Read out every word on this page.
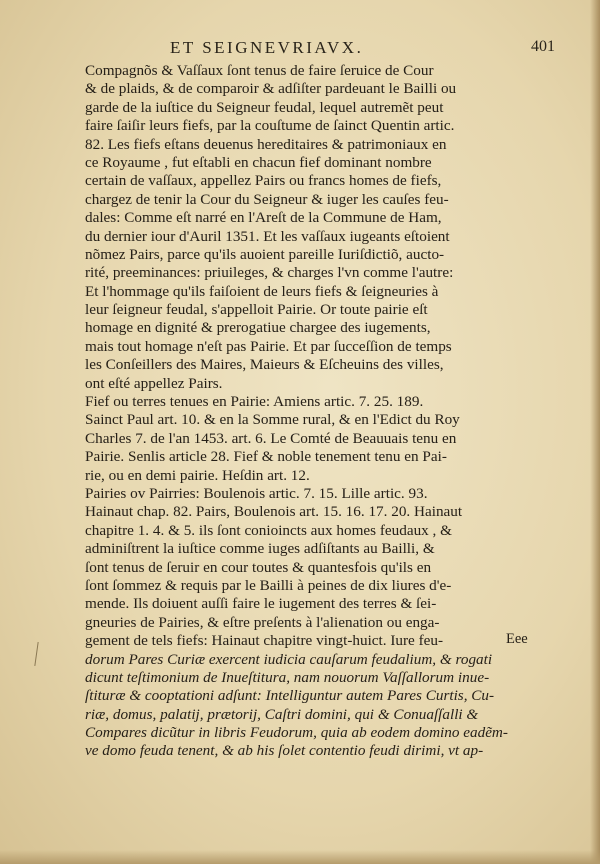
ET SEIGNEVRIAVX.	401
Compagnõs & Vaſſaux ſont tenus de faire ſeruice de Cour
& de plaids, & de comparoir & adſiſter pardeuant le Bailli ou
garde de la iuſtice du Seigneur feudal, lequel autremẽt peut
faire ſaiſir leurs fiefs, par la couſtume de ſainct Quentin artic.
82. Les fiefs eſtans deuenus hereditaires & patrimoniaux en
ce Royaume , fut eſtabli en chacun fief dominant nombre
certain de vaſſaux, appellez Pairs ou francs homes de fiefs,
chargez de tenir la Cour du Seigneur & iuger les cauſes feu-
dales: Comme eſt narré en l'Areſt de la Commune de Ham,
du dernier iour d'Auril 1351. Et les vaſſaux iugeants eſtoient
nõmez Pairs, parce qu'ils auoient pareille Iuriſdictiõ, aucto-
rité, preeminances: priuileges, & charges l'vn comme l'autre:
Et l'hommage qu'ils faiſoient de leurs fiefs & ſeigneuries à
leur ſeigneur feudal, s'appelloit Pairie. Or toute pairie eſt
homage en dignité & prerogatiue chargee des iugements,
mais tout homage n'eſt pas Pairie. Et par ſucceſſion de temps
les Conſeillers des Maires, Maieurs & Eſcheuins des villes,
ont eſté appellez Pairs.
Fief ou terres tenues en Pairie: Amiens artic. 7. 25. 189.
Sainct Paul art. 10. & en la Somme rural, & en l'Edict du Roy
Charles 7. de l'an 1453. art. 6. Le Comté de Beauuais tenu en
Pairie. Senlis article 28. Fief & noble tenement tenu en Pai-
rie, ou en demi pairie. Heſdin art. 12.
Pairies ov Pairries: Boulenois artic. 7. 15. Lille artic. 93.
Hainaut chap. 82. Pairs, Boulenois art. 15. 16. 17. 20. Hainaut
chapitre 1. 4. & 5. ils ſont conioincts aux homes feudaux , &
adminiſtrent la iuſtice comme iuges adſiſtants au Bailli, &
ſont tenus de ſeruir en cour toutes & quantesfois qu'ils en
ſont ſommez & requis par le Bailli à peines de dix liures d'e-
mende. Ils doiuent auſſi faire le iugement des terres & ſei-
gneuries de Pairies, & eſtre preſents à l'alienation ou enga-
gement de tels fiefs: Hainaut chapitre vingt-huict. Iure feu-
dorum Pares Curiæ exercent iudicia cauſarum feudalium, & rogati
dicunt teſtimonium de Inueſtitura, nam nouorum Vaſſallorum inue-
ſtituræ & cooptationi adſunt: Intelliguntur autem Pares Curtis, Cu-
riæ, domus, palatij, prætorij, Caſtri domini, qui & Conuaſſalli &
Compares dicũtur in libris Feudorum, quia ab eodem domino eadẽm-
ve domo feuda tenent, & ab his ſolet contentio feudi dirimi, vt ap-
Eee
